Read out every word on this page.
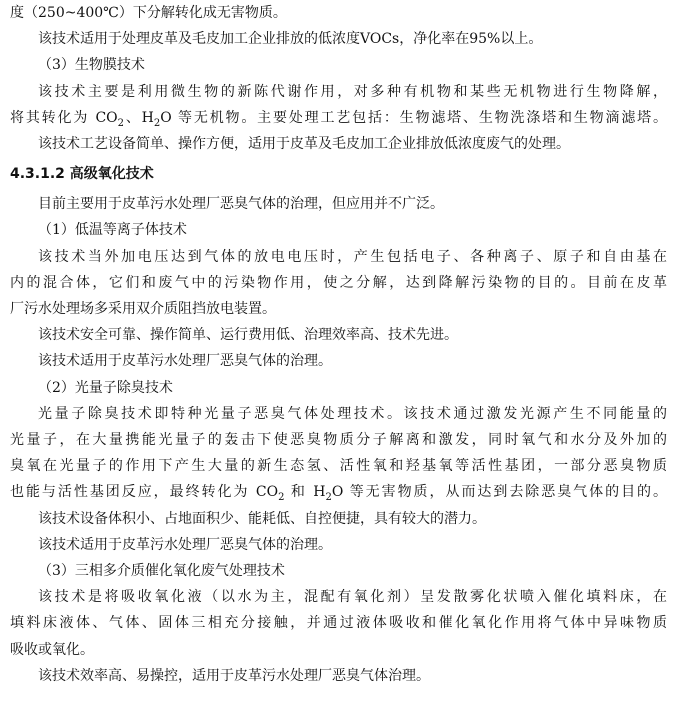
度（250~400℃）下分解转化成无害物质。

该技术适用于处理皮革及毛皮加工企业排放的低浓度VOCs，净化率在95%以上。

（3）生物膜技术

该技术主要是利用微生物的新陈代谢作用，对多种有机物和某些无机物进行生物降解，

将其转化为 $CO_2$、$H_2O$ 等无机物。主要处理工艺包括：生物滤塔、生物洗涤塔和生物滴滤塔。

该技术工艺设备简单、操作方便，适用于皮革及毛皮加工企业排放低浓度废气的处理。

4.3.1.2 高级氧化技术

目前主要用于皮革污水处理厂恶臭气体的治理，但应用并不广泛。

（1）低温等离子体技术

该技术当外加电压达到气体的放电电压时，产生包括电子、各种离子、原子和自由基在

内的混合体，它们和废气中的污染物作用，使之分解，达到降解污染物的目的。目前在皮革

厂污水处理场多采用双介质阻挡放电装置。

该技术安全可靠、操作简单、运行费用低、治理效率高、技术先进。

该技术适用于皮革污水处理厂恶臭气体的治理。

（2）光量子除臭技术

光量子除臭技术即特种光量子恶臭气体处理技术。该技术通过激发光源产生不同能量的

光量子，在大量携能光量子的轰击下使恶臭物质分子解离和激发，同时氧气和水分及外加的

臭氧在光量子的作用下产生大量的新生态氢、活性氧和羟基氧等活性基团，一部分恶臭物质

也能与活性基团反应，最终转化为 $CO_2$ 和 $H_2O$ 等无害物质，从而达到去除恶臭气体的目的。

该技术设备体积小、占地面积少、能耗低、自控便捷，具有较大的潜力。

该技术适用于皮革污水处理厂恶臭气体的治理。

（3）三相多介质催化氧化废气处理技术

该技术是将吸收氧化液（以水为主，混配有氧化剂）呈发散雾化状喷入催化填料床，在

填料床液体、气体、固体三相充分接触，并通过液体吸收和催化氧化作用将气体中异味物质

吸收或氧化。

该技术效率高、易操控，适用于皮革污水处理厂恶臭气体治理。
